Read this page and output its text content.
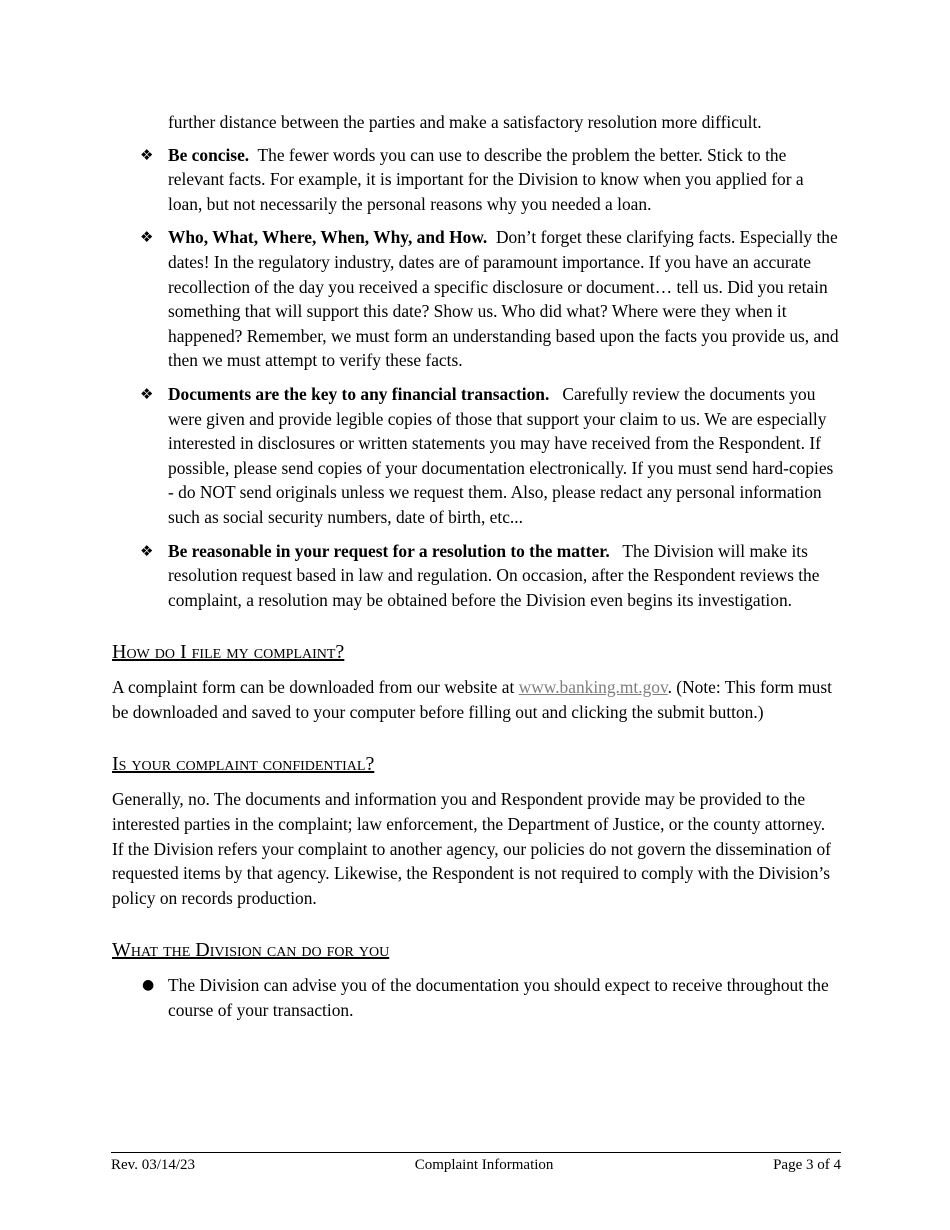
further distance between the parties and make a satisfactory resolution more difficult.

❖ Be concise. The fewer words you can use to describe the problem the better. Stick to the relevant facts. For example, it is important for the Division to know when you applied for a loan, but not necessarily the personal reasons why you needed a loan.
❖ Who, What, Where, When, Why, and How. Don’t forget these clarifying facts. Especially the dates! In the regulatory industry, dates are of paramount importance. If you have an accurate recollection of the day you received a specific disclosure or document… tell us. Did you retain something that will support this date? Show us. Who did what? Where were they when it happened? Remember, we must form an understanding based upon the facts you provide us, and then we must attempt to verify these facts.
❖ Documents are the key to any financial transaction. Carefully review the documents you were given and provide legible copies of those that support your claim to us. We are especially interested in disclosures or written statements you may have received from the Respondent. If possible, please send copies of your documentation electronically. If you must send hard-copies - do NOT send originals unless we request them. Also, please redact any personal information such as social security numbers, date of birth, etc...
❖ Be reasonable in your request for a resolution to the matter. The Division will make its resolution request based in law and regulation. On occasion, after the Respondent reviews the complaint, a resolution may be obtained before the Division even begins its investigation.
How do I file my complaint?

A complaint form can be downloaded from our website at www.banking.mt.gov. (Note: This form must be downloaded and saved to your computer before filling out and clicking the submit button.)

Is your complaint confidential?

Generally, no. The documents and information you and Respondent provide may be provided to the interested parties in the complaint; law enforcement, the Department of Justice, or the county attorney. If the Division refers your complaint to another agency, our policies do not govern the dissemination of requested items by that agency. Likewise, the Respondent is not required to comply with the Division’s policy on records production.

What the Division can do for you
● The Division can advise you of the documentation you should expect to receive throughout the course of your transaction.
Rev. 03/14/23	Complaint Information	Page 3 of 4
